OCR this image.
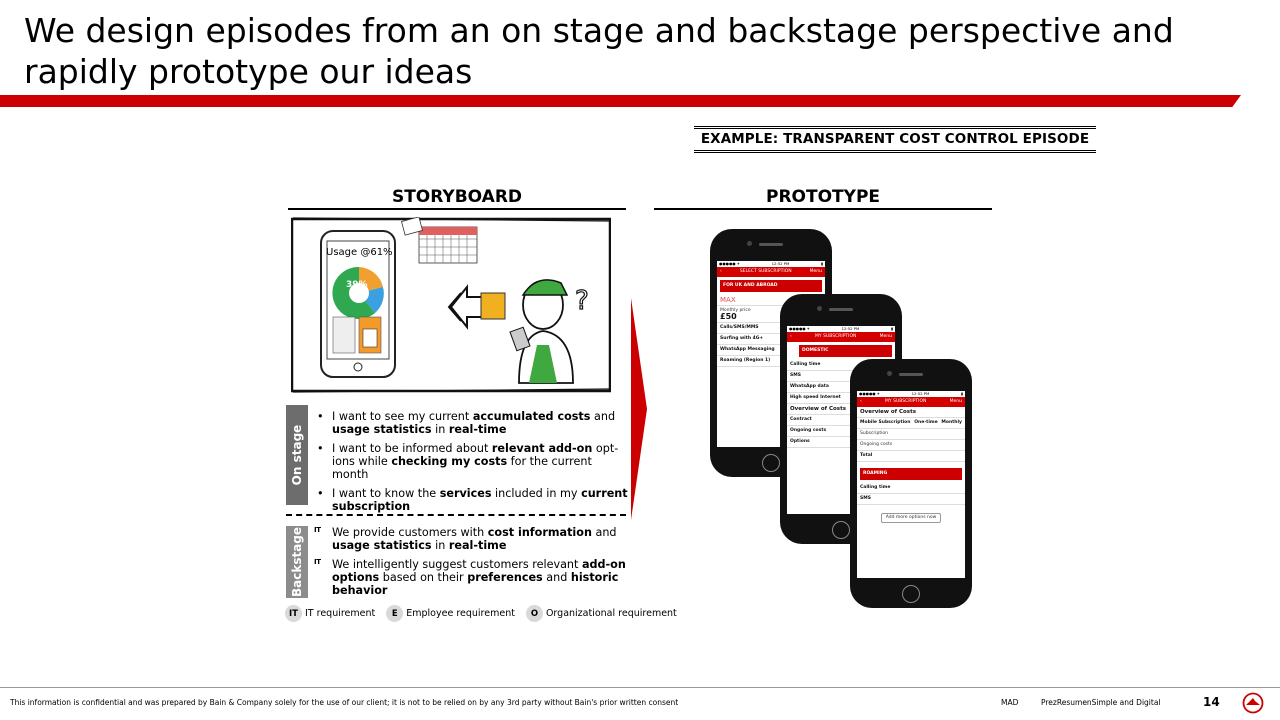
We design episodes from an on stage and backstage perspective and rapidly prototype our ideas
EXAMPLE: TRANSPARENT COST CONTROL EPISODE
STORYBOARD	PROTOTYPE
Usage @61%
39%
?
On stage
• I want to see my current accumulated costs and usage statistics in real-time
• I want to be informed about relevant add-on opt-ions while checking my costs for the current month
• I want to know the services included in my current subscription
Backstage IT We provide customers with cost information and usage statistics in real-time
IT We intelligently suggest customers relevant add-on options based on their preferences and historic behavior
IT IT requirement	E Employee requirement	O Organizational requirement
●●●●● ✈	12:52 PM	▮
‹	SELECT SUBSCRIPTION	Menu
FOR UK AND ABROAD
MAX
Monthly price
£50
Calls/SMS/MMS
Surfing with 4G+
WhatsApp Messaging
Roaming (Region 1)
●●●●● ✈	12:52 PM	▮
‹	MY SUBSCRIPTION	Menu
DOMESTIC
Calling time
SMS
WhatsApp data
High speed Internet
Overview of Costs
Contract
Ongoing costs
Options
●●●●● ✈	12:52 PM	▮
‹	MY SUBSCRIPTION	Menu
Overview of Costs
Mobile Subscription One-time Monthly
Subscription
Ongoing costs
Total
ROAMING
Calling time
SMS
Add more options now
This information is confidential and was prepared by Bain & Company solely for the use of our client; it is not to be relied on by any 3rd party without Bain's prior written consent	MAD	PrezResumenSimple and Digital	14
